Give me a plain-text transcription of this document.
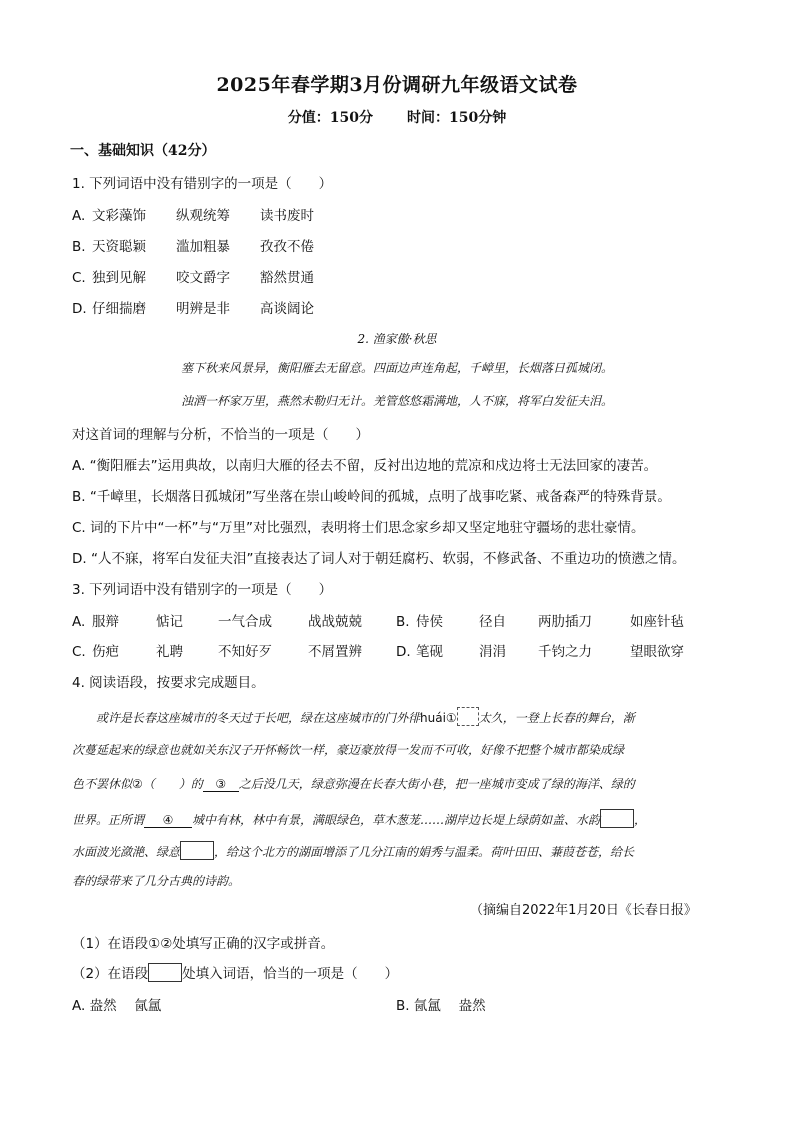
2025年春学期3月份调研九年级语文试卷
分值：150分 时间：150分钟
一、基础知识（42分）
1. 下列词语中没有错别字的一项是（　　）
A. 文彩藻饰 纵观统筹 读书废时
B. 天资聪颖 滥加粗暴 孜孜不倦
C. 独到见解 咬文爵字 豁然贯通
D. 仔细揣磨 明辨是非 高谈阔论
2. 渔家傲·秋思
塞下秋来风景异，衡阳雁去无留意。四面边声连角起，千嶂里，长烟落日孤城闭。
浊酒一杯家万里，燕然未勒归无计。羌管悠悠霜满地，人不寐，将军白发征夫泪。
对这首词的理解与分析，不恰当的一项是（　　）
A. “衡阳雁去”运用典故，以南归大雁的径去不留，反衬出边地的荒凉和戍边将士无法回家的凄苦。
B. “千嶂里，长烟落日孤城闭”写坐落在崇山峻岭间的孤城，点明了战事吃紧、戒备森严的特殊背景。
C. 词的下片中“一杯”与“万里”对比强烈，表明将士们思念家乡却又坚定地驻守疆场的悲壮豪情。
D. “人不寐，将军白发征夫泪”直接表达了词人对于朝廷腐朽、软弱，不修武备、不重边功的愤懑之情。
3. 下列词语中没有错别字的一项是（　　）
A. 服辩	惦记	一气合成	战战兢兢	B. 侍侯	径自 两肋插刀	如座针毡
C. 伤疤	礼聘	不知好歹	不屑置辨	D. 笔砚	涓涓 千钧之力	望眼欲穿
4. 阅读语段，按要求完成题目。
或许是长春这座城市的冬天过于长吧，绿在这座城市的门外徘huái① 太久，一登上长春的舞台，渐
次蔓延起来的绿意也就如关东汉子开怀畅饮一样，豪迈豪放得一发而不可收，好像不把整个城市都染成绿
色不罢休似②（　　）的 ③ 之后没几天，绿意弥漫在长春大街小巷，把一座城市变成了绿的海洋、绿的
世界。正所谓 ④ 城中有林，林中有景，满眼绿色，草木葱茏……湖岸边长堤上绿荫如盖、水韵	，
水面波光潋滟、绿意	，给这个北方的湖面增添了几分江南的娟秀与温柔。荷叶田田、蒹葭苍苍，给长
春的绿带来了几分古典的诗韵。
（摘编自2022年1月20日《长春日报》
（1）在语段①②处填写正确的汉字或拼音。
（2）在语段	处填入词语，恰当的一项是（　　）
A. 盎然　 氤氲	B. 氤氲　 盎然
